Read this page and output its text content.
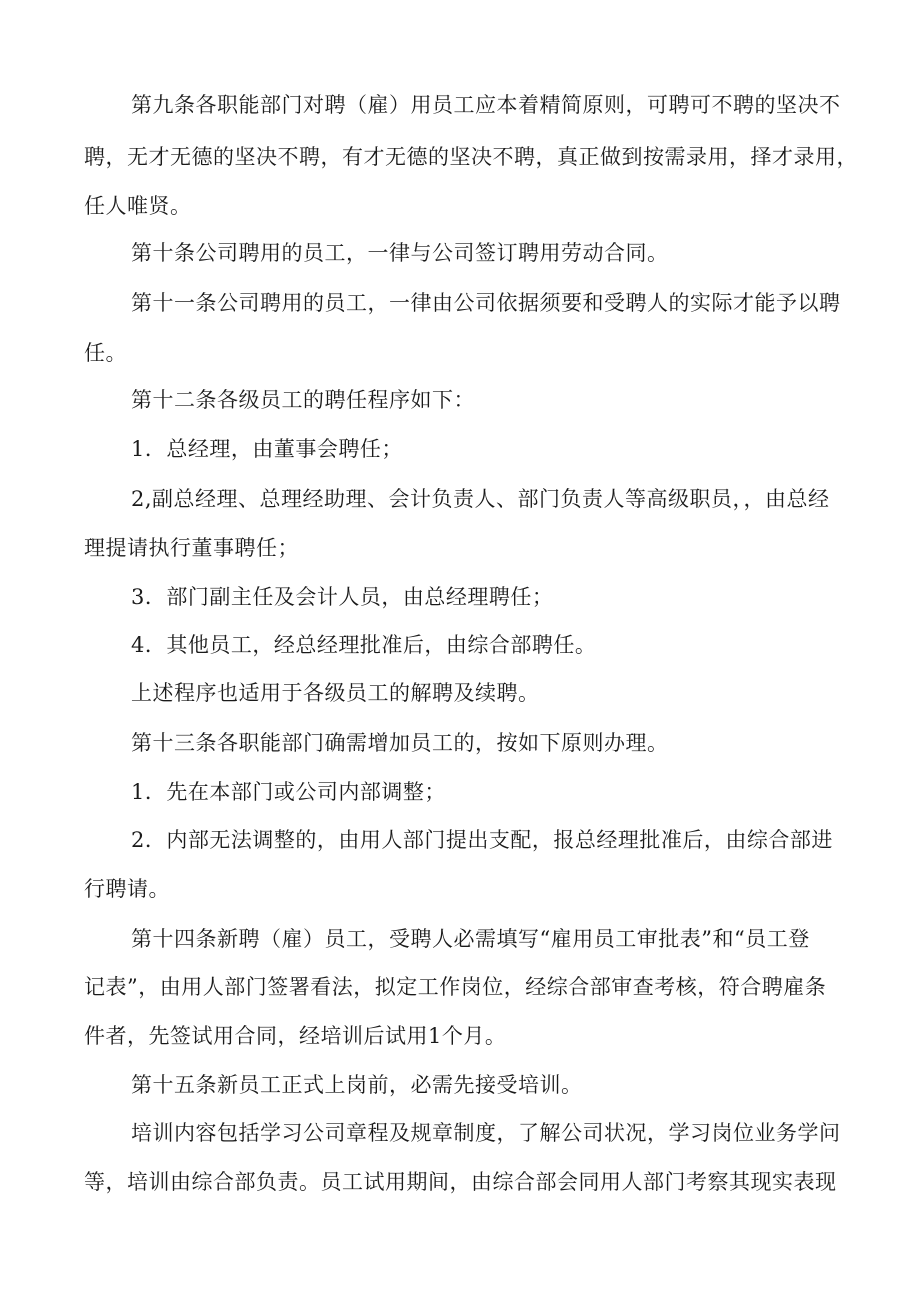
第九条各职能部门对聘（雇）用员工应本着精简原则，可聘可不聘的坚决不
聘，无才无德的坚决不聘，有才无德的坚决不聘，真正做到按需录用，择才录用，
任人唯贤。
第十条公司聘用的员工，一律与公司签订聘用劳动合同。
第十一条公司聘用的员工，一律由公司依据须要和受聘人的实际才能予以聘
任。
第十二条各级员工的聘任程序如下：
1．总经理，由董事会聘任；
2,副总经理、总理经助理、会计负责人、部门负责人等高级职员，，由总经
理提请执行董事聘任；
3．部门副主任及会计人员，由总经理聘任；
4．其他员工，经总经理批准后，由综合部聘任。
上述程序也适用于各级员工的解聘及续聘。
第十三条各职能部门确需增加员工的，按如下原则办理。
1．先在本部门或公司内部调整；
2．内部无法调整的，由用人部门提出支配，报总经理批准后，由综合部进
行聘请。
第十四条新聘（雇）员工，受聘人必需填写“雇用员工审批表”和“员工登
记表”，由用人部门签署看法，拟定工作岗位，经综合部审查考核，符合聘雇条
件者，先签试用合同，经培训后试用1个月。
第十五条新员工正式上岗前，必需先接受培训。
培训内容包括学习公司章程及规章制度，了解公司状况，学习岗位业务学问
等，培训由综合部负责。员工试用期间，由综合部会同用人部门考察其现实表现
